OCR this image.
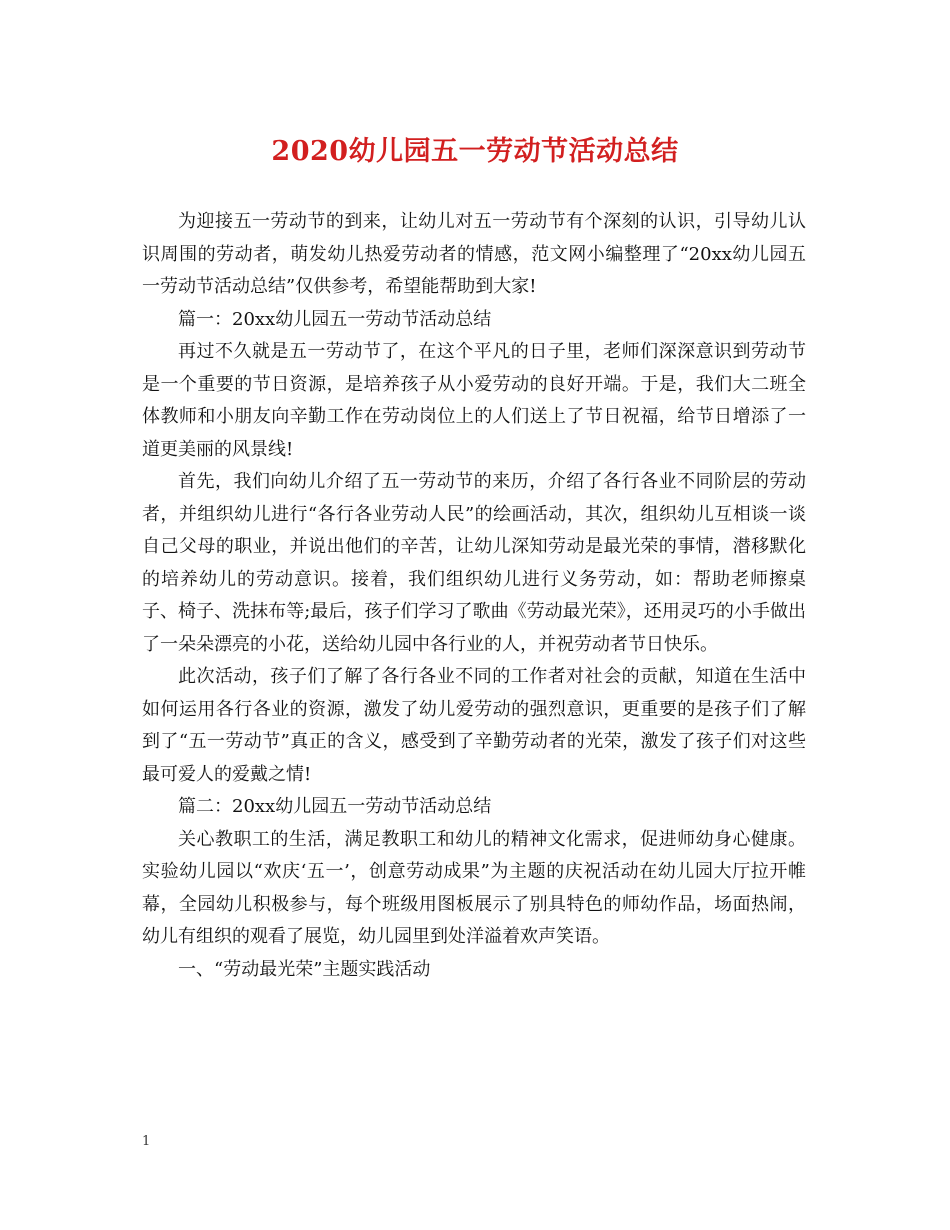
2020幼儿园五一劳动节活动总结

为迎接五一劳动节的到来，让幼儿对五一劳动节有个深刻的认识，引导幼儿认识周围的劳动者，萌发幼儿热爱劳动者的情感，范文网小编整理了“20xx幼儿园五一劳动节活动总结”仅供参考，希望能帮助到大家!

篇一：20xx幼儿园五一劳动节活动总结

再过不久就是五一劳动节了，在这个平凡的日子里，老师们深深意识到劳动节是一个重要的节日资源，是培养孩子从小爱劳动的良好开端。于是，我们大二班全体教师和小朋友向辛勤工作在劳动岗位上的人们送上了节日祝福，给节日增添了一道更美丽的风景线!

首先，我们向幼儿介绍了五一劳动节的来历，介绍了各行各业不同阶层的劳动者，并组织幼儿进行“各行各业劳动人民”的绘画活动，其次，组织幼儿互相谈一谈自己父母的职业，并说出他们的辛苦，让幼儿深知劳动是最光荣的事情，潜移默化的培养幼儿的劳动意识。接着，我们组织幼儿进行义务劳动，如：帮助老师擦桌子、椅子、洗抹布等;最后，孩子们学习了歌曲《劳动最光荣》，还用灵巧的小手做出了一朵朵漂亮的小花，送给幼儿园中各行业的人，并祝劳动者节日快乐。

此次活动，孩子们了解了各行各业不同的工作者对社会的贡献，知道在生活中如何运用各行各业的资源，激发了幼儿爱劳动的强烈意识，更重要的是孩子们了解到了“五一劳动节”真正的含义，感受到了辛勤劳动者的光荣，激发了孩子们对这些最可爱人的爱戴之情!

篇二：20xx幼儿园五一劳动节活动总结

关心教职工的生活，满足教职工和幼儿的精神文化需求，促进师幼身心健康。实验幼儿园以“欢庆‘五一’，创意劳动成果”为主题的庆祝活动在幼儿园大厅拉开帷幕，全园幼儿积极参与，每个班级用图板展示了别具特色的师幼作品，场面热闹，幼儿有组织的观看了展览，幼儿园里到处洋溢着欢声笑语。

一、“劳动最光荣”主题实践活动

1
